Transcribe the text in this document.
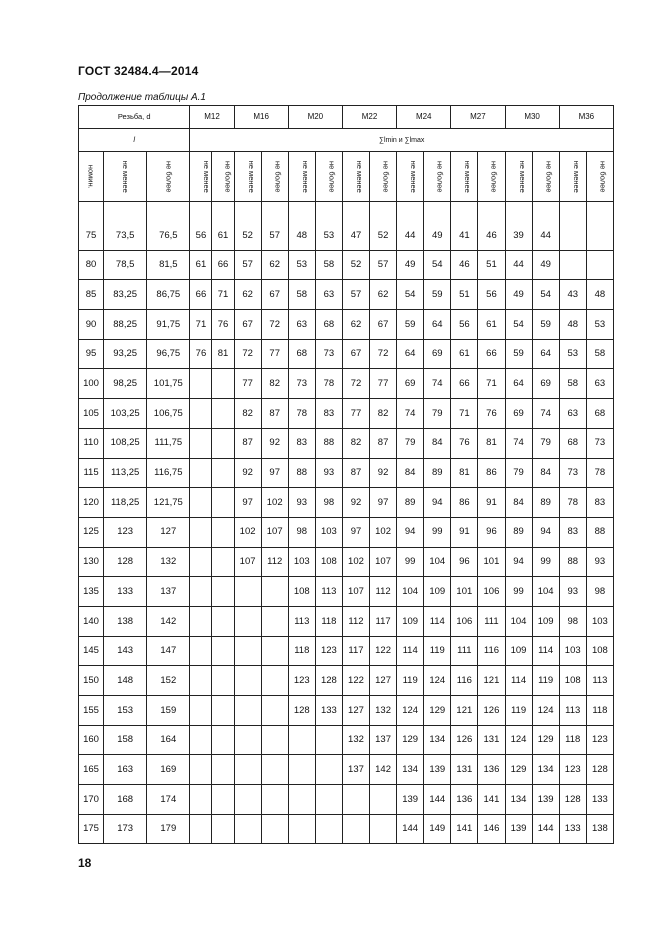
ГОСТ 32484.4—2014
Продолжение таблицы А.1
Резьба, d			M12		M16		M20		M22		M24		M27		M30		M36	
l			∑lmin и ∑lmax															
номин.	не менее	не более	не менее	не более	не менее	не более	не менее	не более	не менее	не более	не менее	не более	не менее	не более	не менее	не более	не менее	не более

75	73,5	76,5	56	61	52	57	48	53	47	52	44	49	41	46	39	44		
80	78,5	81,5	61	66	57	62	53	58	52	57	49	54	46	51	44	49		
85	83,25	86,75	66	71	62	67	58	63	57	62	54	59	51	56	49	54	43	48
90	88,25	91,75	71	76	67	72	63	68	62	67	59	64	56	61	54	59	48	53
95	93,25	96,75	76	81	72	77	68	73	67	72	64	69	61	66	59	64	53	58
100	98,25	101,75			77	82	73	78	72	77	69	74	66	71	64	69	58	63
105	103,25	106,75			82	87	78	83	77	82	74	79	71	76	69	74	63	68
110	108,25	111,75			87	92	83	88	82	87	79	84	76	81	74	79	68	73
115	113,25	116,75			92	97	88	93	87	92	84	89	81	86	79	84	73	78
120	118,25	121,75			97	102	93	98	92	97	89	94	86	91	84	89	78	83
125	123	127			102	107	98	103	97	102	94	99	91	96	89	94	83	88
130	128	132			107	112	103	108	102	107	99	104	96	101	94	99	88	93
135	133	137					108	113	107	112	104	109	101	106	99	104	93	98
140	138	142					113	118	112	117	109	114	106	111	104	109	98	103
145	143	147					118	123	117	122	114	119	111	116	109	114	103	108
150	148	152					123	128	122	127	119	124	116	121	114	119	108	113
155	153	159					128	133	127	132	124	129	121	126	119	124	113	118
160	158	164							132	137	129	134	126	131	124	129	118	123
165	163	169							137	142	134	139	131	136	129	134	123	128
170	168	174									139	144	136	141	134	139	128	133
175	173	179									144	149	141	146	139	144	133	138
18
